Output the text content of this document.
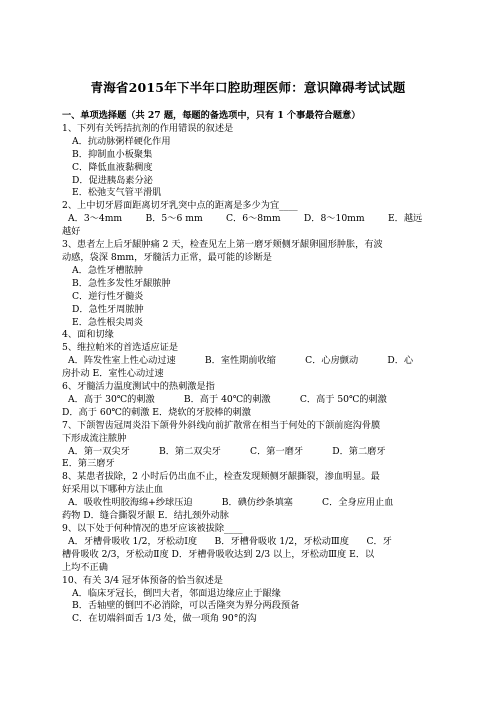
青海省2015年下半年口腔助理医师：意识障碍考试试题
一、单项选择题（共 27 题，每题的备选项中，只有 1 个事最符合题意）
1、下列有关钙拮抗剂的作用错误的叙述是
A．抗动脉粥样硬化作用
B．抑制血小板聚集
C．降低血液黏稠度
D．促进胰岛素分泌
E．松弛支气管平滑肌
2、上中切牙唇面距离切牙乳突中点的距离是多少为宜____
A．3～4mm        B．5～6 mm        C．6～8mm        D．8～10mm        E．越远
越好
3、患者左上后牙龈肿痛 2 天，检查见左上第一磨牙颊侧牙龈卵圆形肿胀，有波
动感，袋深 8mm，牙髓活力正常，最可能的诊断是
A．急性牙槽脓肿
B．急性多发性牙龈脓肿
C．逆行性牙髓炎
D．急性牙周脓肿
E．急性根尖周炎
4、面和切缘
5、维拉帕米的首选适应证是
A．阵发性室上性心动过速          B．室性期前收缩          C．心房颤动          D．心
房扑动 E．室性心动过速
6、牙髓活力温度测试中的热刺激是指
A．高于 30℃的刺激          B．高于 40℃的刺激          C．高于 50℃的刺激
D．高于 60℃的刺激 E．烧软的牙胶棒的刺激
7、下颌智齿冠周炎沿下颌骨外斜线向前扩散常在相当于何处的下颌前庭沟骨膜
下形成流注脓肿
A．第一双尖牙          B．第二双尖牙          C．第一磨牙          D．第二磨牙
E．第三磨牙
8、某患者拔除，2 小时后仍出血不止，检查发现颊侧牙龈撕裂，渗血明显。最
好采用以下哪种方法止血
A．吸收性明胶海绵+纱球压迫          B．碘仿纱条填塞          C．全身应用止血
药物 D．缝合撕裂牙龈 E．结扎颈外动脉
9、以下处于何种情况的患牙应该被拔除____
A．牙槽骨吸收 1/2，牙松动Ⅰ度      B．牙槽骨吸收 1/2，牙松动Ⅲ度      C．牙
槽骨吸收 2/3，牙松动Ⅱ度 D．牙槽骨吸收达到 2/3 以上，牙松动Ⅲ度 E．以
上均不正确
10、有关 3/4 冠牙体预备的恰当叙述是
A．临床牙冠长，倒凹大者，邻面退边缘应止于龈缘
B．舌轴壁的倒凹不必消除，可以舌隆突为界分两段预备
C．在切端斜面舌 1/3 处，做一项角 90°的沟
